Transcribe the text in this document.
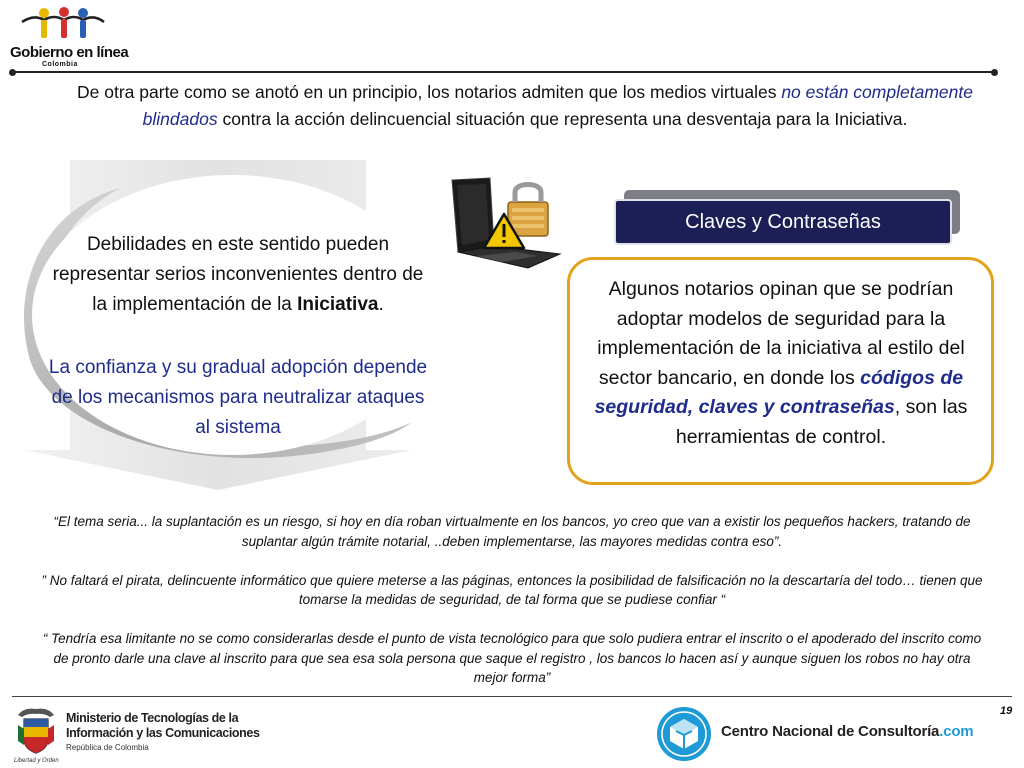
Gobierno en línea
Colombia

De otra parte como se anotó en un principio, los notarios admiten que los medios virtuales no están completamente blindados contra la acción delincuencial situación que representa una desventaja para la Iniciativa.

Debilidades en este sentido pueden representar serios inconvenientes dentro de la implementación de la Iniciativa.

La confianza y su gradual adopción depende de los mecanismos para neutralizar ataques al sistema

Claves y Contraseñas

Algunos notarios opinan que se podrían adoptar modelos de seguridad para la implementación de la iniciativa al estilo del sector bancario, en donde los códigos de seguridad, claves y contraseñas, son las herramientas de control.

“El tema seria... la suplantación es un riesgo, si hoy en día roban virtualmente en los bancos, yo creo que van a existir los pequeños hackers, tratando de suplantar algún trámite notarial, ..deben implementarse, las mayores medidas contra eso”.

” No faltará el pirata, delincuente informático que quiere meterse a las páginas, entonces la posibilidad de falsificación no la descartaría del todo… tienen que tomarse la medidas de seguridad, de tal forma que se pudiese confiar “

“ Tendría esa limitante no se como considerarlas desde el punto de vista tecnológico para que solo pudiera entrar el inscrito o el apoderado del inscrito como de pronto darle una clave al inscrito para que sea esa sola persona que saque el registro , los bancos lo hacen así y aunque siguen los robos no hay otra mejor forma”

19
Libertad y Orden
Ministerio de Tecnologías de la
Información y las Comunicaciones
República de Colombia
Centro Nacional de Consultoría.com
